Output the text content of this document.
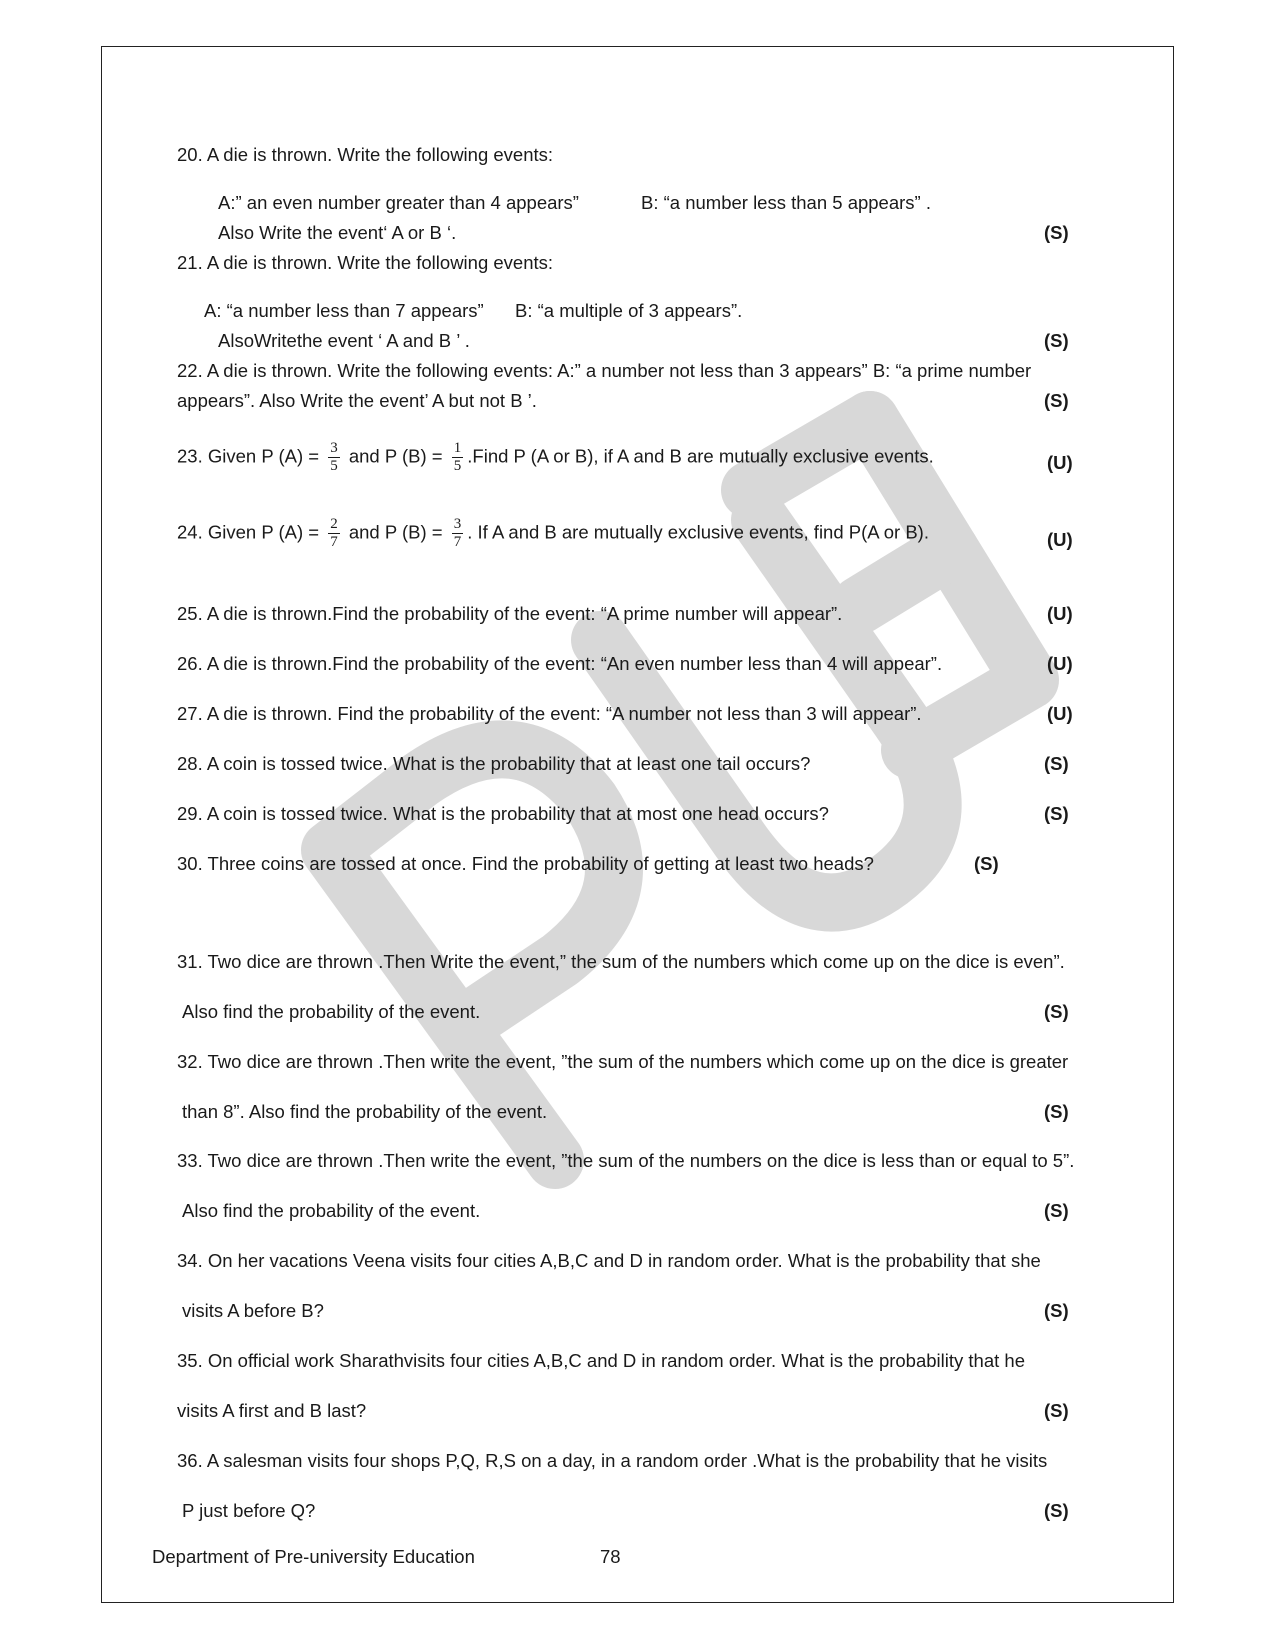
20. A die is thrown. Write the following events:
A:” an even number greater than 4 appears”	B: “a number less than 5 appears” .
Also Write the event‘ A or B ‘.	(S)
21. A die is thrown. Write the following events:
A: “a number less than 7 appears” B: “a multiple of 3 appears”.
AlsoWritethe event ‘ A and B ’ .	(S)
22. A die is thrown. Write the following events: A:” a number not less than 3 appears” B: “a prime number
appears”. Also Write the event’ A but not B ’.	(S)
23. Given P $(A) = \frac{3}{5}$ and P $(B) = \frac{1}{5}$ .Find P (A or B), if A and B are mutually exclusive events.	(U)
24. Given P $(A) = \frac{2}{7}$ and P $(B) = \frac{3}{7}$ . If A and B are mutually exclusive events, find P(A or B).	(U)
25. A die is thrown.Find the probability of the event: “A prime number will appear”.	(U)
26. A die is thrown.Find the probability of the event: “An even number less than 4 will appear”.	(U)
27. A die is thrown. Find the probability of the event: “A number not less than 3 will appear”.	(U)
28. A coin is tossed twice. What is the probability that at least one tail occurs?	(S)
29. A coin is tossed twice. What is the probability that at most one head occurs?	(S)
30. Three coins are tossed at once. Find the probability of getting at least two heads?	(S)
31. Two dice are thrown .Then Write the event,” the sum of the numbers which come up on the dice is even”.
Also find the probability of the event.	(S)
32. Two dice are thrown .Then write the event, ”the sum of the numbers which come up on the dice is greater
than 8”. Also find the probability of the event.	(S)
33. Two dice are thrown .Then write the event, ”the sum of the numbers on the dice is less than or equal to 5”.
Also find the probability of the event.	(S)
34. On her vacations Veena visits four cities A,B,C and D in random order. What is the probability that she
visits A before B?	(S)
35. On official work Sharathvisits four cities A,B,C and D in random order. What is the probability that he
visits A first and B last?	(S)
36. A salesman visits four shops P,Q, R,S on a day, in a random order .What is the probability that he visits
P just before Q?	(S)
Department of Pre-university Education	78
